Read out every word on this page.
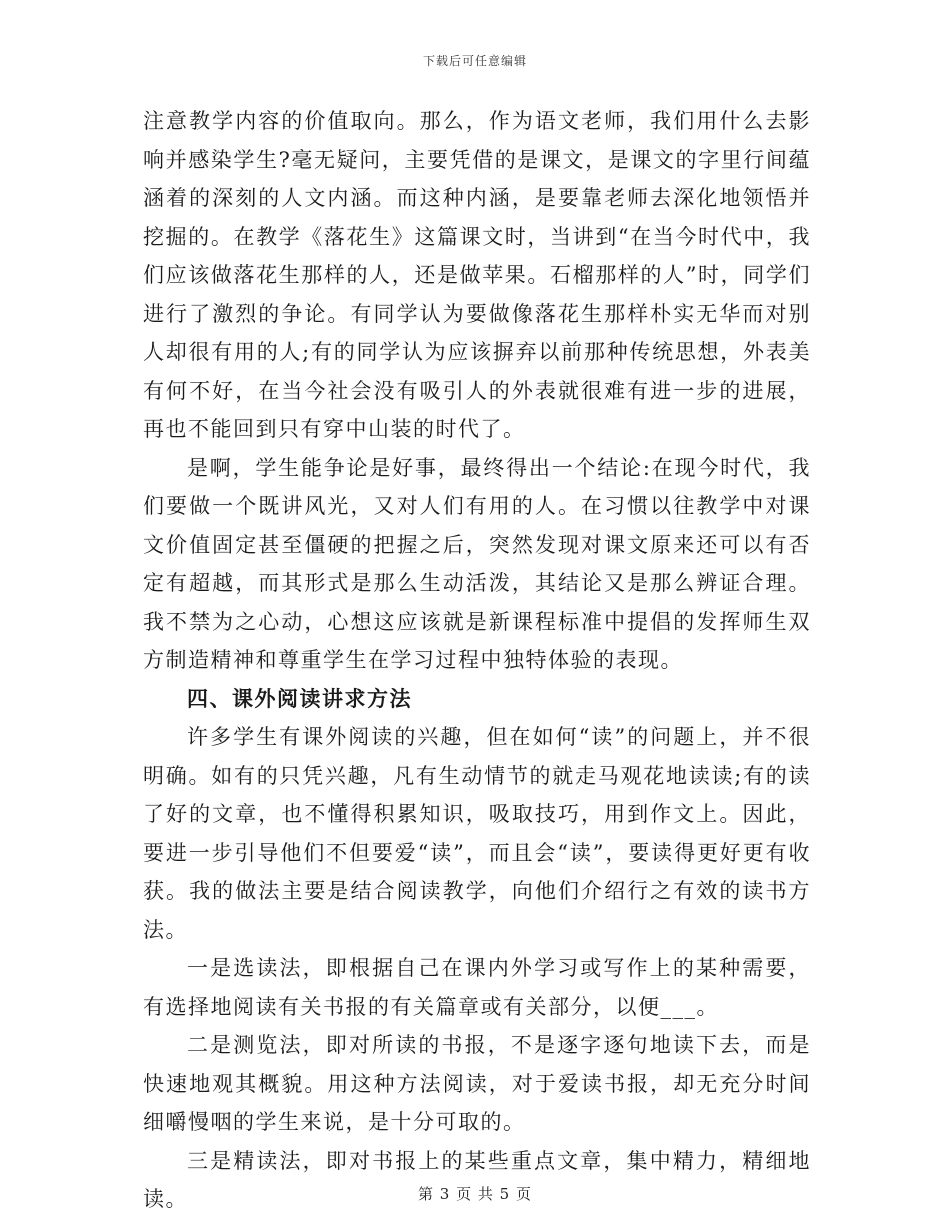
下载后可任意编辑

注意教学内容的价值取向。那么，作为语文老师，我们用什么去影响并感染学生?毫无疑问，主要凭借的是课文，是课文的字里行间蕴涵着的深刻的人文内涵。而这种内涵，是要靠老师去深化地领悟并挖掘的。在教学《落花生》这篇课文时，当讲到“在当今时代中，我们应该做落花生那样的人，还是做苹果。石榴那样的人”时，同学们进行了激烈的争论。有同学认为要做像落花生那样朴实无华而对别人却很有用的人;有的同学认为应该摒弃以前那种传统思想，外表美有何不好，在当今社会没有吸引人的外表就很难有进一步的进展，再也不能回到只有穿中山装的时代了。

是啊，学生能争论是好事，最终得出一个结论:在现今时代，我们要做一个既讲风光，又对人们有用的人。在习惯以往教学中对课文价值固定甚至僵硬的把握之后，突然发现对课文原来还可以有否定有超越，而其形式是那么生动活泼，其结论又是那么辨证合理。我不禁为之心动，心想这应该就是新课程标准中提倡的发挥师生双方制造精神和尊重学生在学习过程中独特体验的表现。

四、课外阅读讲求方法

许多学生有课外阅读的兴趣，但在如何“读”的问题上，并不很明确。如有的只凭兴趣，凡有生动情节的就走马观花地读读;有的读了好的文章，也不懂得积累知识，吸取技巧，用到作文上。因此，要进一步引导他们不但要爱“读”，而且会“读”，要读得更好更有收获。我的做法主要是结合阅读教学，向他们介绍行之有效的读书方法。

一是选读法，即根据自己在课内外学习或写作上的某种需要，有选择地阅读有关书报的有关篇章或有关部分，以便___。

二是测览法，即对所读的书报，不是逐字逐句地读下去，而是快速地观其概貌。用这种方法阅读，对于爱读书报，却无充分时间细嚼慢咽的学生来说，是十分可取的。

三是精读法，即对书报上的某些重点文章，集中精力，精细地读。	第 3 页 共 5 页
